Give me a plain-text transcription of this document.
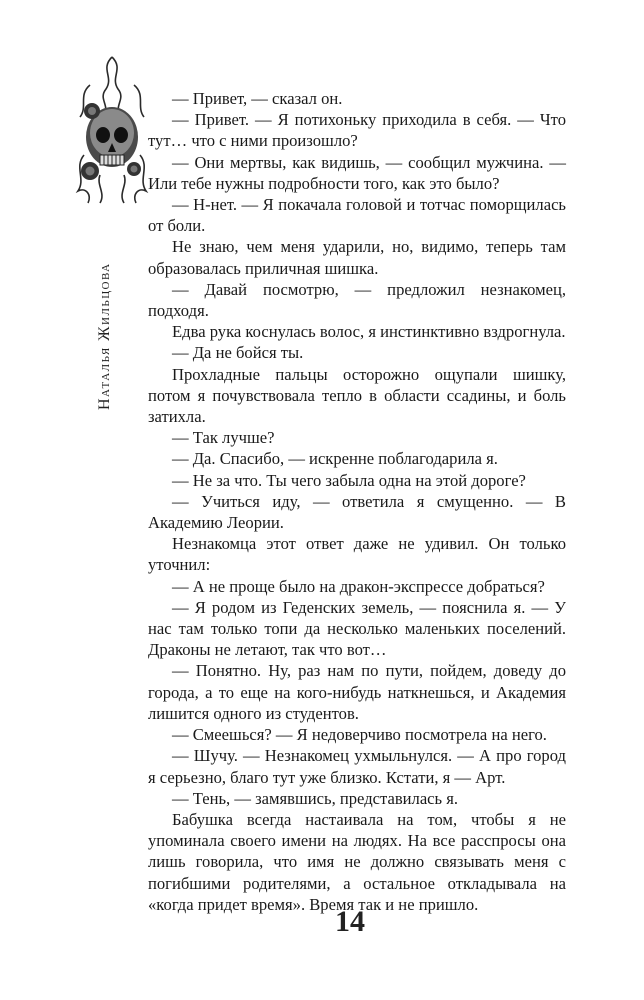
Наталья Жильцова

— Привет, — сказал он.

— Привет. — Я потихоньку приходила в себя. — Что тут… что с ними произошло?

— Они мертвы, как видишь, — сообщил мужчина. — Или тебе нужны подробности того, как это было?

— Н-нет. — Я покачала головой и тотчас поморщилась от боли.

Не знаю, чем меня ударили, но, видимо, теперь там образовалась приличная шишка.

— Давай посмотрю, — предложил незнакомец, подходя.

Едва рука коснулась волос, я инстинктивно вздрогнула.

— Да не бойся ты.

Прохладные пальцы осторожно ощупали шишку, потом я почувствовала тепло в области ссадины, и боль затихла.

— Так лучше?

— Да. Спасибо, — искренне поблагодарила я.

— Не за что. Ты чего забыла одна на этой дороге?

— Учиться иду, — ответила я смущенно. — В Академию Леории.

Незнакомца этот ответ даже не удивил. Он только уточнил:

— А не проще было на дракон-экспрессе добраться?

— Я родом из Геденских земель, — пояснила я. — У нас там только топи да несколько маленьких поселений. Драконы не летают, так что вот…

— Понятно. Ну, раз нам по пути, пойдем, доведу до города, а то еще на кого-нибудь наткнешься, и Академия лишится одного из студентов.

— Смеешься? — Я недоверчиво посмотрела на него.

— Шучу. — Незнакомец ухмыльнулся. — А про город я серьезно, благо тут уже близко. Кстати, я — Арт.

— Тень, — замявшись, представилась я.

Бабушка всегда настаивала на том, чтобы я не упоминала своего имени на людях. На все расспросы она лишь говорила, что имя не должно связывать меня с погибшими родителями, а остальное откладывала на «когда придет время». Время так и не пришло.

14
